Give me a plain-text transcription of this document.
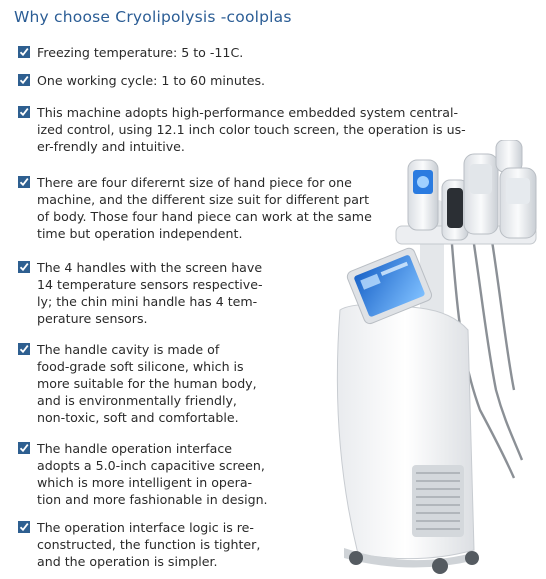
Why choose Cryolipolysis -coolplas
Freezing temperature: 5 to -11C.
One working cycle: 1 to 60 minutes.
This machine adopts high-performance embedded system central-
ized control, using 12.1 inch color touch screen, the operation is us-
er-frendly and intuitive.
There are four diferernt size of hand piece for one
machine, and the different size suit for different part
of body. Those four hand piece can work at the same
time but operation independent.
The 4 handles with the screen have
14 temperature sensors respective-
ly; the chin mini handle has 4 tem-
perature sensors.
The handle cavity is made of
food-grade soft silicone, which is
more suitable for the human body,
and is environmentally friendly,
non-toxic, soft and comfortable.
The handle operation interface
adopts a 5.0-inch capacitive screen,
which is more intelligent in opera-
tion and more fashionable in design.
The operation interface logic is re-
constructed, the function is tighter,
and the operation is simpler.
